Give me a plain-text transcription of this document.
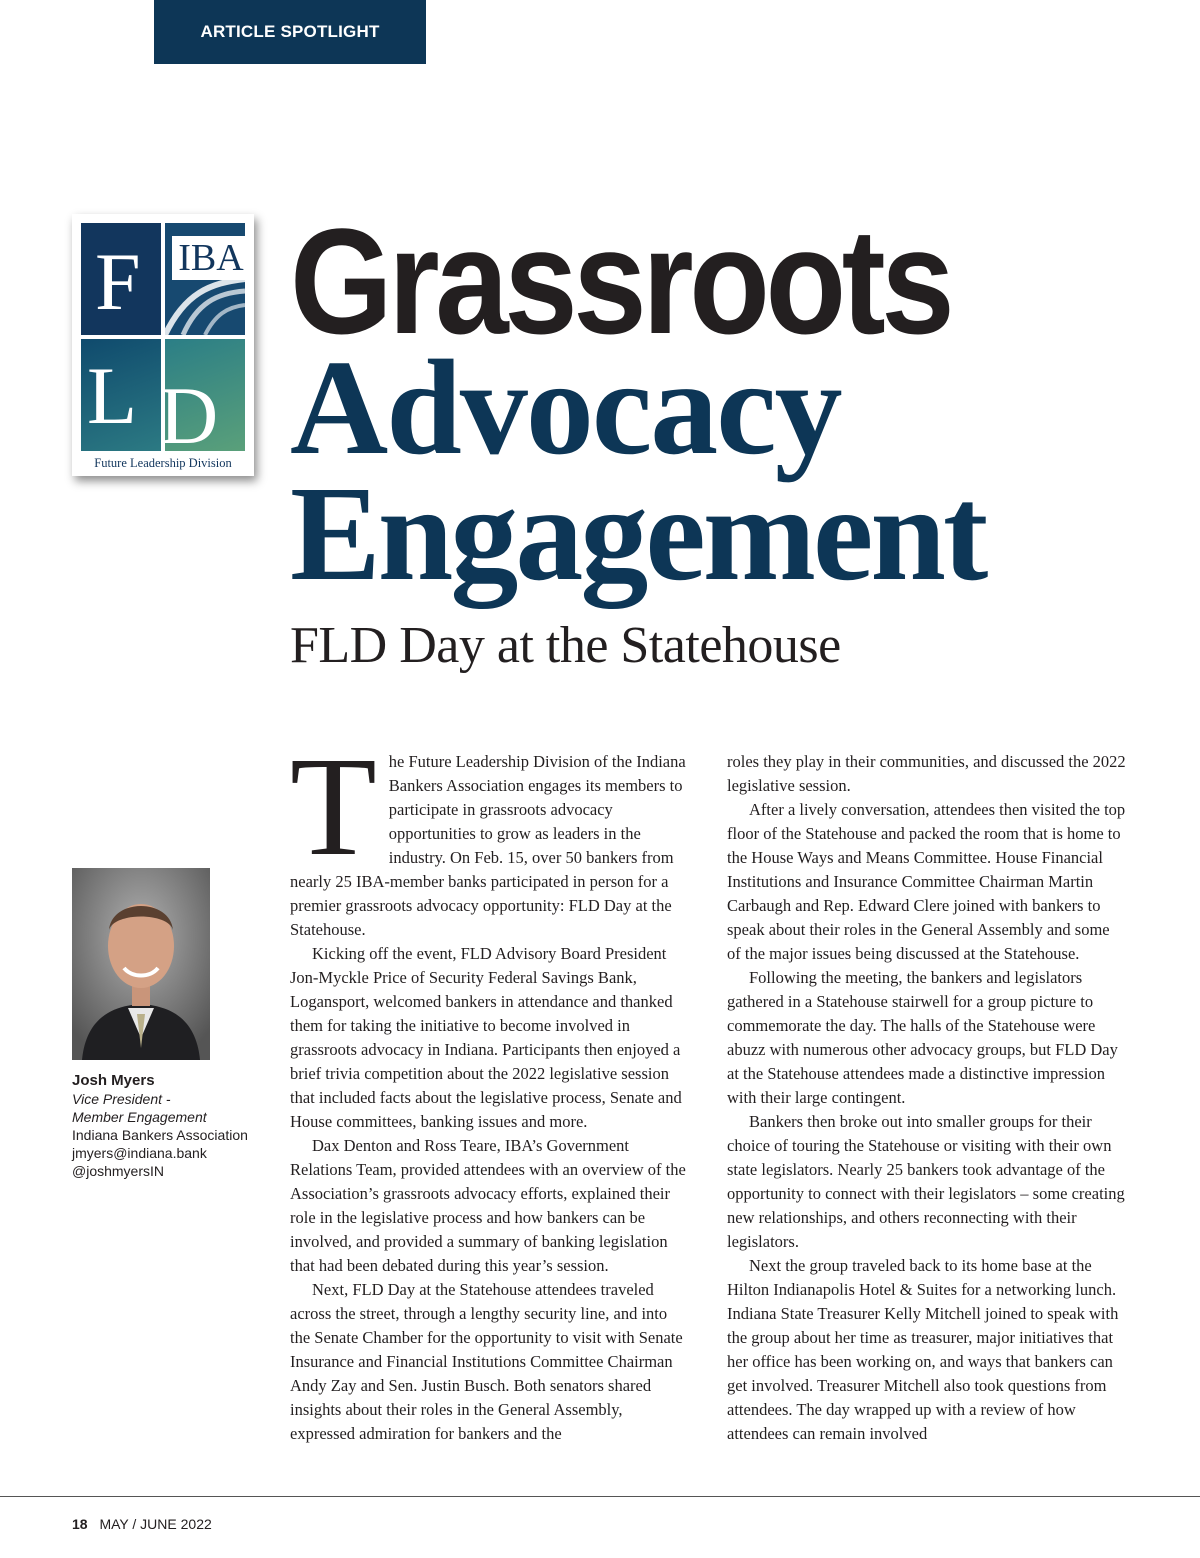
ARTICLE SPOTLIGHT
F IBA
L D
Future Leadership Division
Grassroots
Advocacy
Engagement
FLD Day at the Statehouse
Josh Myers
Vice President -
Member Engagement
Indiana Bankers Association
jmyers@indiana.bank
@joshmyersIN
T he Future Leadership Division of the Indiana Bankers Association engages its members to participate in grassroots advocacy opportunities to grow as leaders in the industry. On Feb. 15, over 50 bankers from nearly 25 IBA-member banks participated in person for a premier grassroots advocacy opportunity: FLD Day at the Statehouse.

Kicking off the event, FLD Advisory Board President Jon-Myckle Price of Security Federal Savings Bank, Logansport, welcomed bankers in attendance and thanked them for taking the initiative to become involved in grassroots advocacy in Indiana. Participants then enjoyed a brief trivia competition about the 2022 legislative session that included facts about the legislative process, Senate and House committees, banking issues and more.

Dax Denton and Ross Teare, IBA’s Government Relations Team, provided attendees with an overview of the Association’s grassroots advocacy efforts, explained their role in the legislative process and how bankers can be involved, and provided a summary of banking legislation that had been debated during this year’s session.

Next, FLD Day at the Statehouse attendees traveled across the street, through a lengthy security line, and into the Senate Chamber for the opportunity to visit with Senate Insurance and Financial Institutions Committee Chairman Andy Zay and Sen. Justin Busch. Both senators shared insights about their roles in the General Assembly, expressed admiration for bankers and the

roles they play in their communities, and discussed the 2022 legislative session.

After a lively conversation, attendees then visited the top floor of the Statehouse and packed the room that is home to the House Ways and Means Committee. House Financial Institutions and Insurance Committee Chairman Martin Carbaugh and Rep. Edward Clere joined with bankers to speak about their roles in the General Assembly and some of the major issues being discussed at the Statehouse.

Following the meeting, the bankers and legislators gathered in a Statehouse stairwell for a group picture to commemorate the day. The halls of the Statehouse were abuzz with numerous other advocacy groups, but FLD Day at the Statehouse attendees made a distinctive impression with their large contingent.

Bankers then broke out into smaller groups for their choice of touring the Statehouse or visiting with their own state legislators. Nearly 25 bankers took advantage of the opportunity to connect with their legislators – some creating new relationships, and others reconnecting with their legislators.

Next the group traveled back to its home base at the Hilton Indianapolis Hotel & Suites for a networking lunch. Indiana State Treasurer Kelly Mitchell joined to speak with the group about her time as treasurer, major initiatives that her office has been working on, and ways that bankers can get involved. Treasurer Mitchell also took questions from attendees. The day wrapped up with a review of how attendees can remain involved

18 MAY / JUNE 2022
